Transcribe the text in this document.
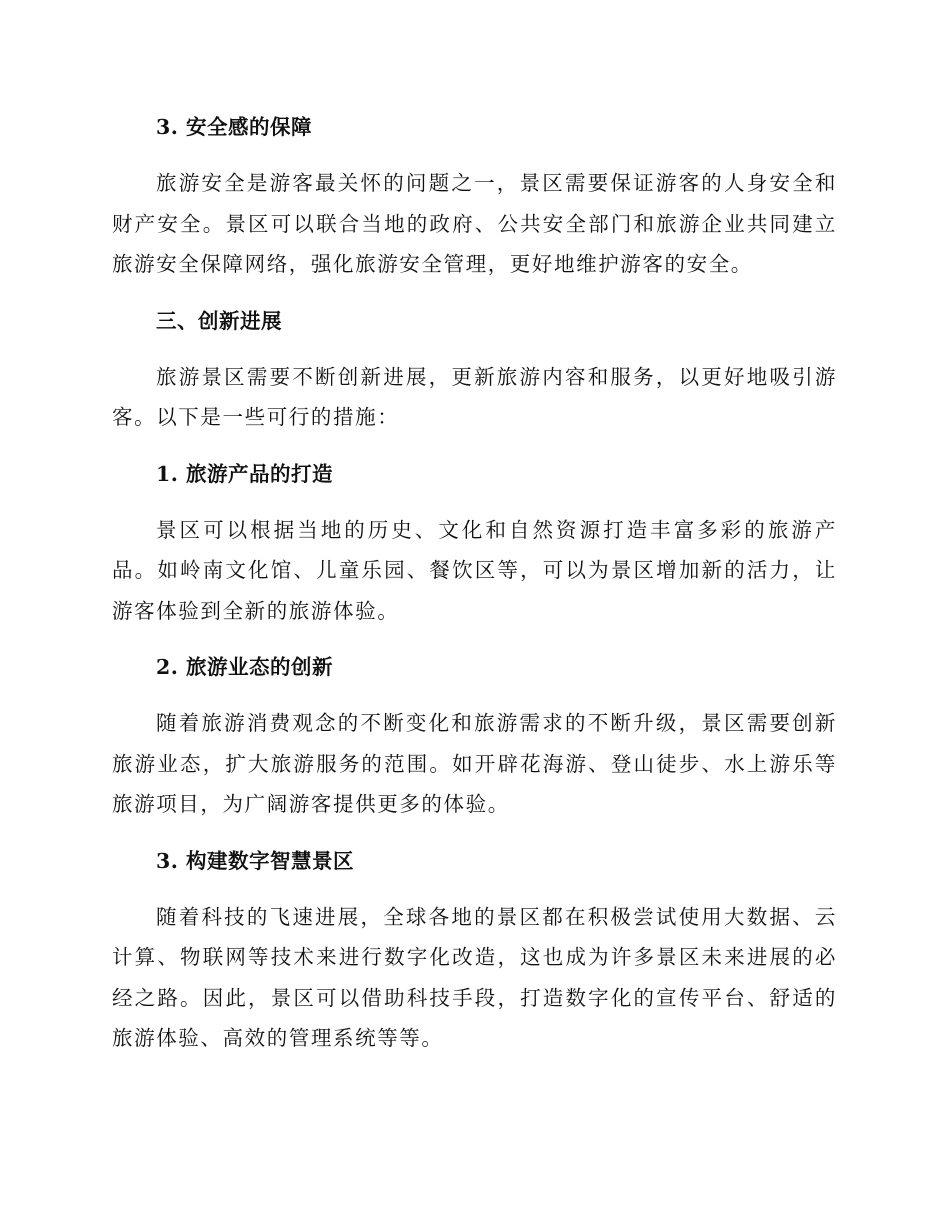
3. 安全感的保障

旅游安全是游客最关怀的问题之一，景区需要保证游客的人身安全和财产安全。景区可以联合当地的政府、公共安全部门和旅游企业共同建立旅游安全保障网络，强化旅游安全管理，更好地维护游客的安全。

三、创新进展

旅游景区需要不断创新进展，更新旅游内容和服务，以更好地吸引游客。以下是一些可行的措施：

1. 旅游产品的打造

景区可以根据当地的历史、文化和自然资源打造丰富多彩的旅游产品。如岭南文化馆、儿童乐园、餐饮区等，可以为景区增加新的活力，让游客体验到全新的旅游体验。

2. 旅游业态的创新

随着旅游消费观念的不断变化和旅游需求的不断升级，景区需要创新旅游业态，扩大旅游服务的范围。如开辟花海游、登山徒步、水上游乐等旅游项目，为广阔游客提供更多的体验。

3. 构建数字智慧景区

随着科技的飞速进展，全球各地的景区都在积极尝试使用大数据、云计算、物联网等技术来进行数字化改造，这也成为许多景区未来进展的必经之路。因此，景区可以借助科技手段，打造数字化的宣传平台、舒适的旅游体验、高效的管理系统等等。
